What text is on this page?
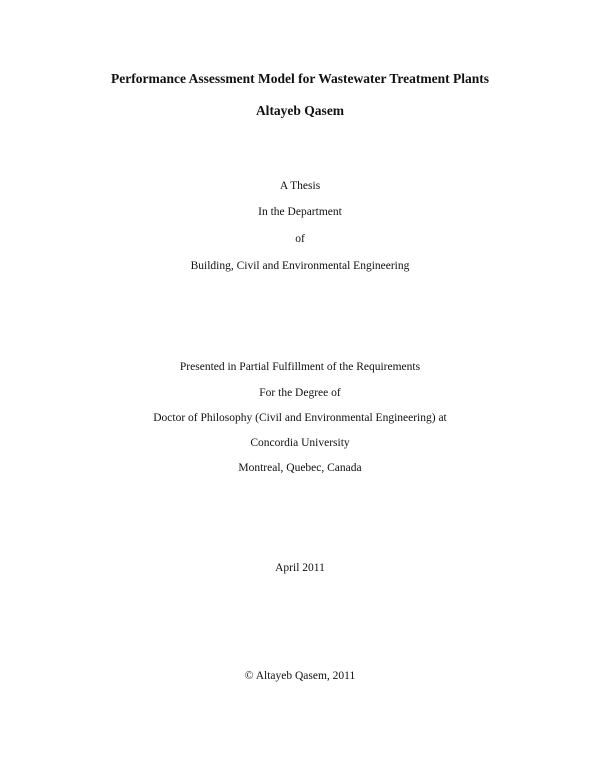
Performance Assessment Model for Wastewater Treatment Plants
Altayeb Qasem
A Thesis
In the Department
of
Building, Civil and Environmental Engineering
Presented in Partial Fulfillment of the Requirements
For the Degree of
Doctor of Philosophy (Civil and Environmental Engineering) at
Concordia University
Montreal, Quebec, Canada
April 2011
© Altayeb Qasem, 2011
